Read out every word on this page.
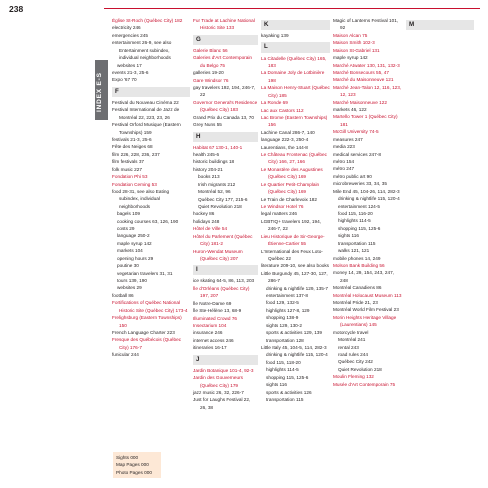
238
INDEX E-S
Église St-Roch (Québec City) 182
electricity 246
emergencies 245
entertainment 26-9, see also Entertainment subindex, individual neighborhoods
websites 17
events 21-3, 25-6
Expo '67 70
F
Festival du Nouveau Cinéma 22
Festival International de Jazz de Montréal 22, 223, 23, 26
Festival Orford Musique (Eastern Townships) 159
festivals 21-3, 25-6
Fête des Neiges 68
film 226, 228, 236, 237
film festivals 37
folk music 227
Fondation Phi 53
Fondation Ceming 53
food 28-31, see also Eating subindex, individual neighborhoods
bagels 109
cooking courses 63, 126, 190
costs 29
language 250-2
maple syrup 142
markets 104
opening hours 29
poutine 30
vegetarian travelers 31, 31
tours 139, 190
websites 29
football 86
Fortifications of Québec National Historic Site (Québec City) 173-4
Frelighsburg (Eastern Townships) 150
French Language Charter 223
Fresque des Québécois (Québec City) 176-7
funicular 244
Fur Trade at Lachine National Historic Site 133
G
Galerie Blanc 56
Galeries d'Art Contemporain du Belgo 75
galleries 19-20
Gare Windsor 76
gay travelers 192, 194, 246-7, 22
Governor General's Residence (Québec City) 183
Grand Prix du Canada 13, 70
Grey Nuns 55
H
Habitat 67 130-1, 140-1
health 245-6
historic buildings 18
history 204-21
books 213
Irish migrants 212
Montréal 52, 96
Québec City 177, 215-6
Quiet Revolution 218
hockey 86
holidays 248
Hôtel de Ville 54
Hôtel du Parlement (Québec City) 181-2
Huron-Wendat Museum (Québec City) 207
I
ice skating 64-5, 86, 113, 203
Île d'Orléans (Québec City) 197, 207
Île Notre-Dame 69
Île Ste-Hélène 13, 68-9
Illuminated Crowd 76
Insectarium 104
insurance 246
internet access 246
itineraries 16-17
J
Jardin Botanique 101-4, 92-3
Jardin des Gouverneurs (Québec City) 179
jazz music 26, 32, 226-7
Just for Laughs Festival 22, 26, 38
K
kayaking 139
L
La Citadelle (Québec City) 165, 183
La Domaine Joly de Lotbinière 198
La Maison Henry-Stuart (Québec City) 185
La Ronde 69
Lac aux Castors 112
Lac Brome (Eastern Townships) 156
Lachine Canal 286-7, 140
language 222-3, 250-4
Laurentians, the 144-8
Le Château Frontenac (Québec City) 166, 27, 166
Le Monastère des Augustines (Québec City) 169
Le Quartier Petit-Champlain (Québec City) 169
Le Train de Charlevoix 182
Le Windsor Hotel 76
legal matters 246
LGBTIQ+ travelers 192, 194, 246-7, 22
Lieu Historique de Sir-George-Étienne-Cartier 55
L'International des Feux Loto-Québec 22
literature 209-10, see also books
Little Burgundy 45, 127-30, 127, 286-7
drinking & nightlife 129, 135-7
entertainment 137-8
food 129, 132-5
highlights 127-8, 129
shopping 138-9
sights 129, 130-2
sports & activities 129, 139
transportation 128
Little Italy 45, 104-5, 114, 282-3
drinking & nightlife 115, 120-4
food 115, 118-20
highlights 114-5
shopping 115, 125-6
sights 116
sports & activities 126
transportation 115
Magic of Lanterns Festival 101, 92
Maison Alcan 75
Maison Smith 102-3
Maison St-Gabriel 131
maple syrup 142
Marché Atwater 130, 131, 132-3
Marché Bonsecours 55, 47
Marché du Maisonneuve 121
Marché Jean-Talon 12, 116, 123, 12, 123
Marché Maisonneuve 122
markets 46, 122
Martello Tower 1 (Québec City) 181
McGill University 74-5
measures 247
media 223
medical services 247-8
métro 154
métro 247
métro public art 90
microbreweries 33, 34, 35
Mile End 45, 104-26, 114, 282-3
drinking & nightlife 115, 120-4
entertainment 124-5
food 115, 116-20
highlights 114-5
shopping 115, 125-6
sights 116
transportation 115
walks 121, 121
mobile phones 14, 249
Molson Bank Building 56
money 14, 29, 154, 243, 247, 248
Montréal Canadiens 86
Montréal Holocaust Museum 113
Montréal Pride 21, 23
Montréal World Film Festival 23
Morin Heights Heritage Village (Laurentians) 145
motorcycle travel
Montréal 241
rental 243
road rules 244
Québec City 242
Quiet Revolution 218
Moulin Fleming 132
Musée d'Art Contemporain 75
M
Sights 000
Map Pages 000
Photo Pages 000
